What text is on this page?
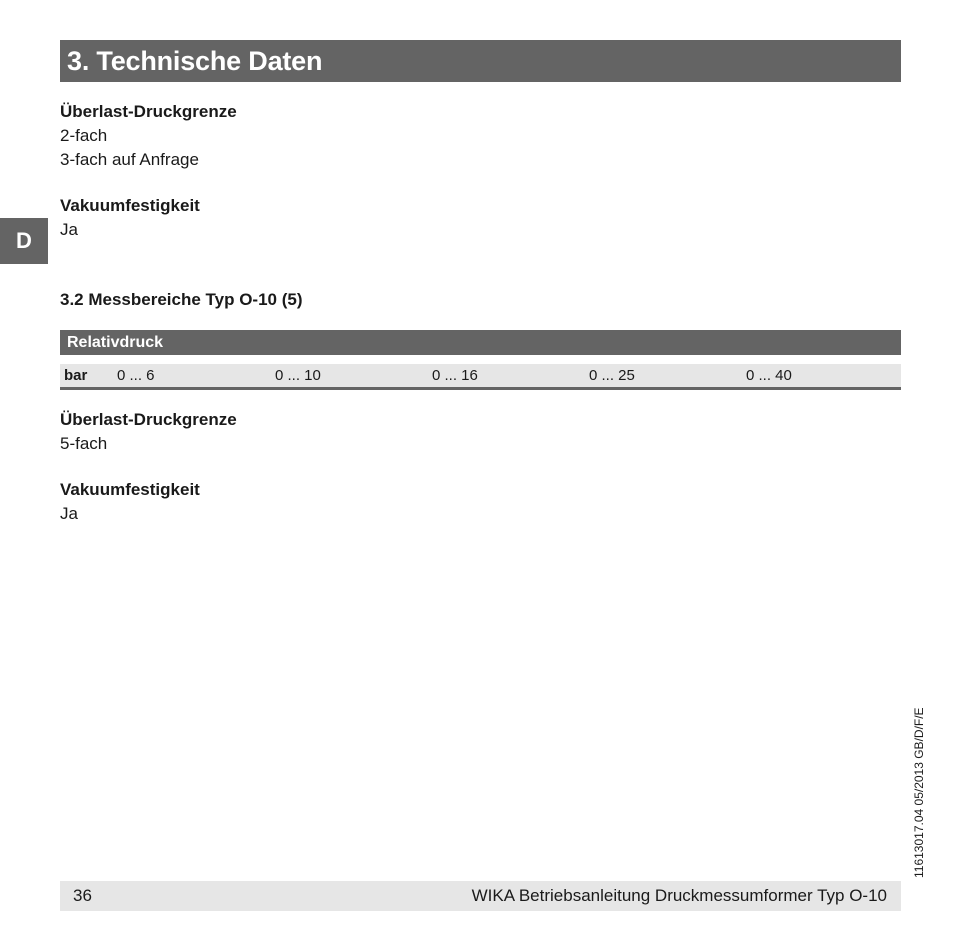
3. Technische Daten
D
Überlast-Druckgrenze
2-fach
3-fach auf Anfrage
Vakuumfestigkeit
Ja
3.2 Messbereiche Typ O-10 (5)
Relativdruck
bar 0 ... 6	0 ... 10	0 ... 16	0 ... 25	0 ... 40
Überlast-Druckgrenze
5-fach
Vakuumfestigkeit
Ja
11613017.04 05/2013 GB/D/F/E
36	WIKA Betriebsanleitung Druckmessumformer Typ O-10
